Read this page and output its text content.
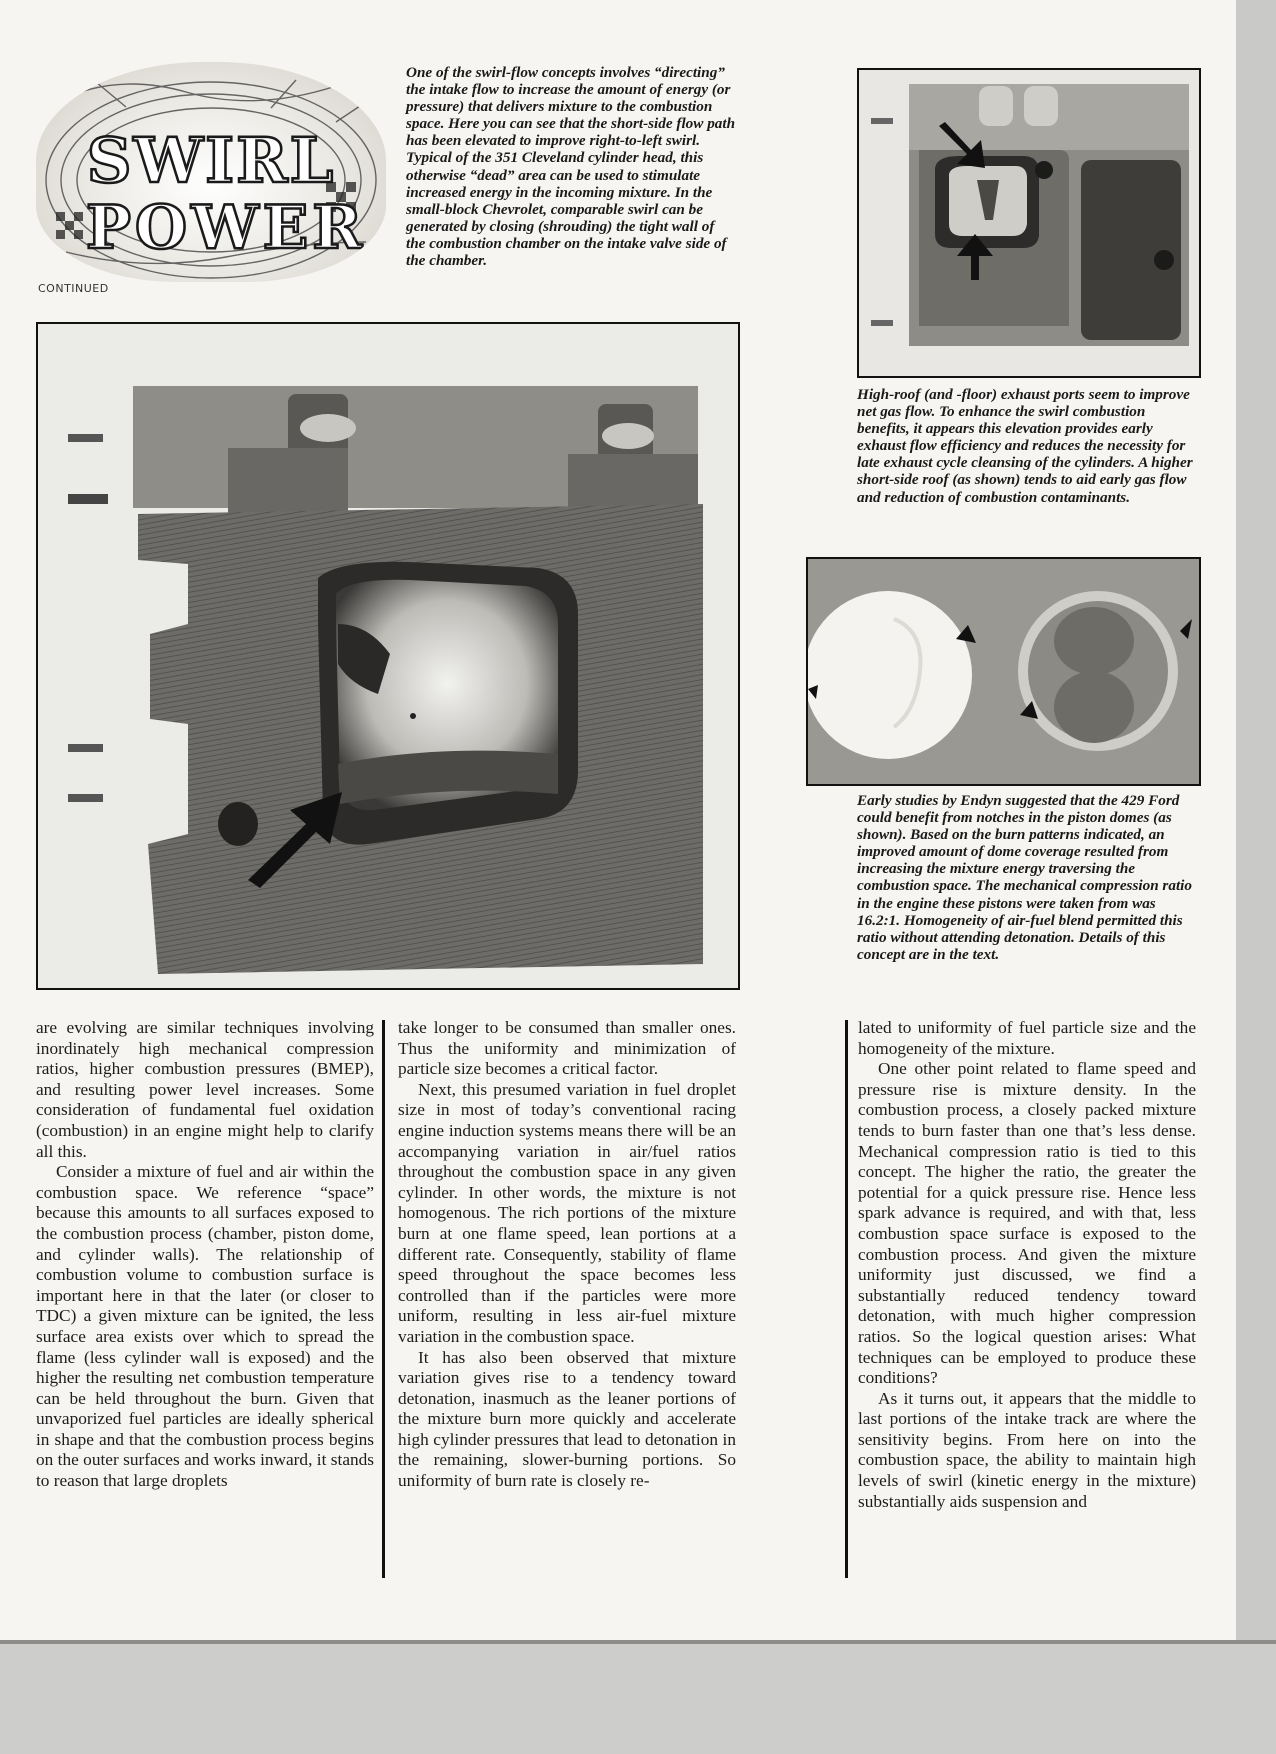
SWIRL
POWER
CONTINUED
One of the swirl-flow concepts involves “directing” the intake flow to increase the amount of energy (or pressure) that delivers mixture to the combustion space. Here you can see that the short-side flow path has been elevated to improve right-to-left swirl. Typical of the 351 Cleveland cylinder head, this otherwise “dead” area can be used to stimulate increased energy in the incoming mixture. In the small-block Chevrolet, comparable swirl can be generated by closing (shrouding) the tight wall of the combustion chamber on the intake valve side of the chamber.
High-roof (and -floor) exhaust ports seem to improve net gas flow. To enhance the swirl combustion benefits, it appears this elevation provides early exhaust flow efficiency and reduces the necessity for late exhaust cycle cleansing of the cylinders. A higher short-side roof (as shown) tends to aid early gas flow and reduction of combustion contaminants.
Early studies by Endyn suggested that the 429 Ford could benefit from notches in the piston domes (as shown). Based on the burn patterns indicated, an improved amount of dome coverage resulted from increasing the mixture energy traversing the combustion space. The mechanical compression ratio in the engine these pistons were taken from was 16.2:1. Homogeneity of air-fuel blend permitted this ratio without attending detonation. Details of this concept are in the text.

are evolving are similar techniques involving inordinately high mechanical compression ratios, higher combustion pressures (BMEP), and resulting power level increases. Some consideration of fundamental fuel oxidation (combustion) in an engine might help to clarify all this.

Consider a mixture of fuel and air within the combustion space. We reference “space” because this amounts to all surfaces exposed to the combustion process (chamber, piston dome, and cylinder walls). The relationship of combustion volume to combustion surface is important here in that the later (or closer to TDC) a given mixture can be ignited, the less surface area exists over which to spread the flame (less cylinder wall is exposed) and the higher the resulting net combustion temperature can be held throughout the burn. Given that unvaporized fuel particles are ideally spherical in shape and that the combustion process begins on the outer surfaces and works inward, it stands to reason that large droplets

take longer to be consumed than smaller ones. Thus the uniformity and minimization of particle size becomes a critical factor.

Next, this presumed variation in fuel droplet size in most of today’s conventional racing engine induction systems means there will be an accompanying variation in air/fuel ratios throughout the combustion space in any given cylinder. In other words, the mixture is not homogenous. The rich portions of the mixture burn at one flame speed, lean portions at a different rate. Consequently, stability of flame speed throughout the space becomes less controlled than if the particles were more uniform, resulting in less air-fuel mixture variation in the combustion space.

It has also been observed that mixture variation gives rise to a tendency toward detonation, inasmuch as the leaner portions of the mixture burn more quickly and accelerate high cylinder pressures that lead to detonation in the remaining, slower-burning portions. So uniformity of burn rate is closely re-

lated to uniformity of fuel particle size and the homogeneity of the mixture.

One other point related to flame speed and pressure rise is mixture density. In the combustion process, a closely packed mixture tends to burn faster than one that’s less dense. Mechanical compression ratio is tied to this concept. The higher the ratio, the greater the potential for a quick pressure rise. Hence less spark advance is required, and with that, less combustion space surface is exposed to the combustion process. And given the mixture uniformity just discussed, we find a substantially reduced tendency toward detonation, with much higher compression ratios. So the logical question arises: What techniques can be employed to produce these conditions?

As it turns out, it appears that the middle to last portions of the intake track are where the sensitivity begins. From here on into the combustion space, the ability to maintain high levels of swirl (kinetic energy in the mixture) substantially aids suspension and
